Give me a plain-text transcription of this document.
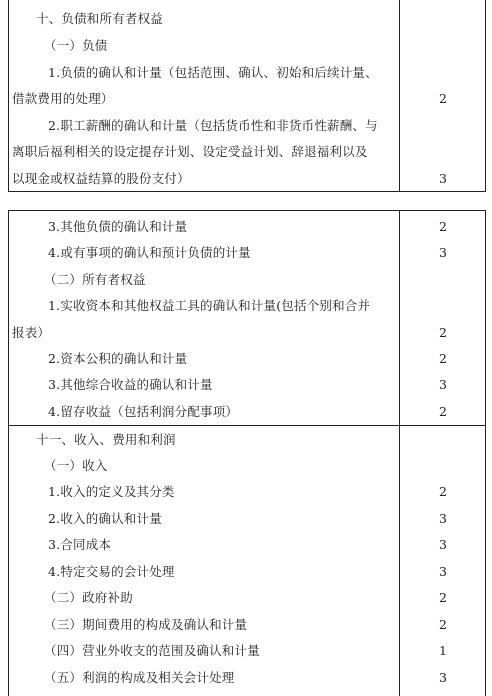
十、负债和所有者权益
（一）负债
1.负债的确认和计量（包括范围、确认、初始和后续计量、
借款费用的处理）	2
2.职工薪酬的确认和计量（包括货币性和非货币性薪酬、与
离职后福利相关的设定提存计划、设定受益计划、辞退福利以及
以现金或权益结算的股份支付）	3
3.其他负债的确认和计量	2
4.或有事项的确认和预计负债的计量	3
（二）所有者权益
1.实收资本和其他权益工具的确认和计量(包括个别和合并
报表）	2
2.资本公积的确认和计量	2
3.其他综合收益的确认和计量	3
4.留存收益（包括利润分配事项）	2
十一、收入、费用和利润
（一）收入
1.收入的定义及其分类	2
2.收入的确认和计量	3
3.合同成本	3
4.特定交易的会计处理	3
（二）政府补助	2
（三）期间费用的构成及确认和计量	2
（四）营业外收支的范围及确认和计量	1
（五）利润的构成及相关会计处理	3
